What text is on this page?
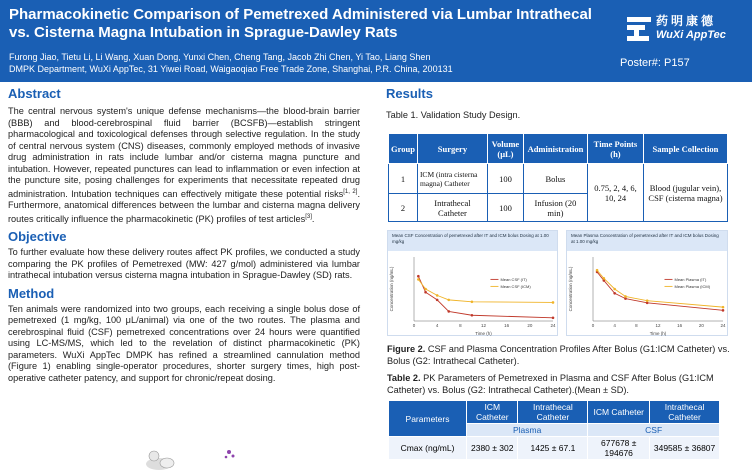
Pharmacokinetic Comparison of Pemetrexed Administered via Lumbar Intrathecal vs. Cisterna Magna Intubation in Sprague-Dawley Rats
Furong Jiao, Tietu Li, Li Wang, Xuan Dong, Yunxi Chen, Cheng Tang, Jacob Zhi Chen, Yi Tao, Liang Shen
DMPK Department, WuXi AppTec, 31 Yiwei Road, Waigaoqiao Free Trade Zone, Shanghai, P.R. China, 200131
药明康德
WuXi AppTec
Poster#: P157
Abstract
The central nervous system's unique defense mechanisms—the blood-brain barrier (BBB) and blood-cerebrospinal fluid barrier (BCSFB)—establish stringent pharmacological and toxicological defenses through selective regulation. In the study of central nervous system (CNS) diseases, commonly employed methods of invasive drug administration in rats include lumbar and/or cisterna magna puncture and intubation. However, repeated punctures can lead to inflammation or even infection at the puncture site, posing challenges for experiments that necessitate repeated drug administration. Intubation techniques can effectively mitigate these potential risks[1, 2]. Furthermore, anatomical differences between the lumbar and cisterna magna delivery routes critically influence the pharmacokinetic (PK) profiles of test articles[3].
Objective
To further evaluate how these delivery routes affect PK profiles, we conducted a study comparing the PK profiles of Pemetrexed (MW: 427 g/mol) administered via lumbar intrathecal intubation versus cisterna magna intubation in Sprague-Dawley (SD) rats.
Method
Ten animals were randomized into two groups, each receiving a single bolus dose of pemetrexed (1 mg/kg, 100 μL/animal) via one of the two routes. The plasma and cerebrospinal fluid (CSF) pemetrexed concentrations over 24 hours were quantified using LC-MS/MS, which led to the revelation of distinct pharmacokinetic (PK) parameters. WuXi AppTec DMPK has refined a streamlined cannulation method (Figure 1) enabling single-operator procedures, shorter surgery times, high post-operative catheter patency, and support for chronic/repeat dosing.
Results
Table 1. Validation Study Design.
Group	Surgery	Volume (μL)	Administration	Time Points (h)	Sample Collection
1	ICM (intra cisterna magna) Catheter	100	Bolus	0.75, 2, 4, 6, 10, 24	Blood (jugular vein), CSF (cisterna magna)
2	Intrathecal Catheter	100	Infusion (20 min)		
Mean CSF Concentration of pemetrexed after IT and ICM bolus Dosing at 1.00 mg/kg
0	4	8	12	16	20	24
Concentration (ng/mL)
Time (h)
Mean CSF (IT)
Mean CSF (ICM)
Mean Plasma Concentration of pemetrexed after IT and ICM bolus Dosing at 1.00 mg/kg
0	4	8	12	16	20	24
Concentration (ng/mL)
Time (h)
Mean Plasma (IT)
Mean Plasma (ICM)
Figure 2. CSF and Plasma Concentration Profiles After Bolus (G1:ICM Catheter) vs. Bolus (G2: Intrathecal Catheter).
Table 2. PK Parameters of Pemetrexed in Plasma and CSF After Bolus (G1:ICM Catheter) vs. Bolus (G2: Intrathecal Catheter).(Mean ± SD).
Parameters	ICM Catheter	Intrathecal Catheter	ICM Catheter	Intrathecal Catheter
	Plasma		CSF	
Cmax (ng/mL)	2380 ± 302	1425 ± 67.1	677678 ± 194676	349585 ± 36807
